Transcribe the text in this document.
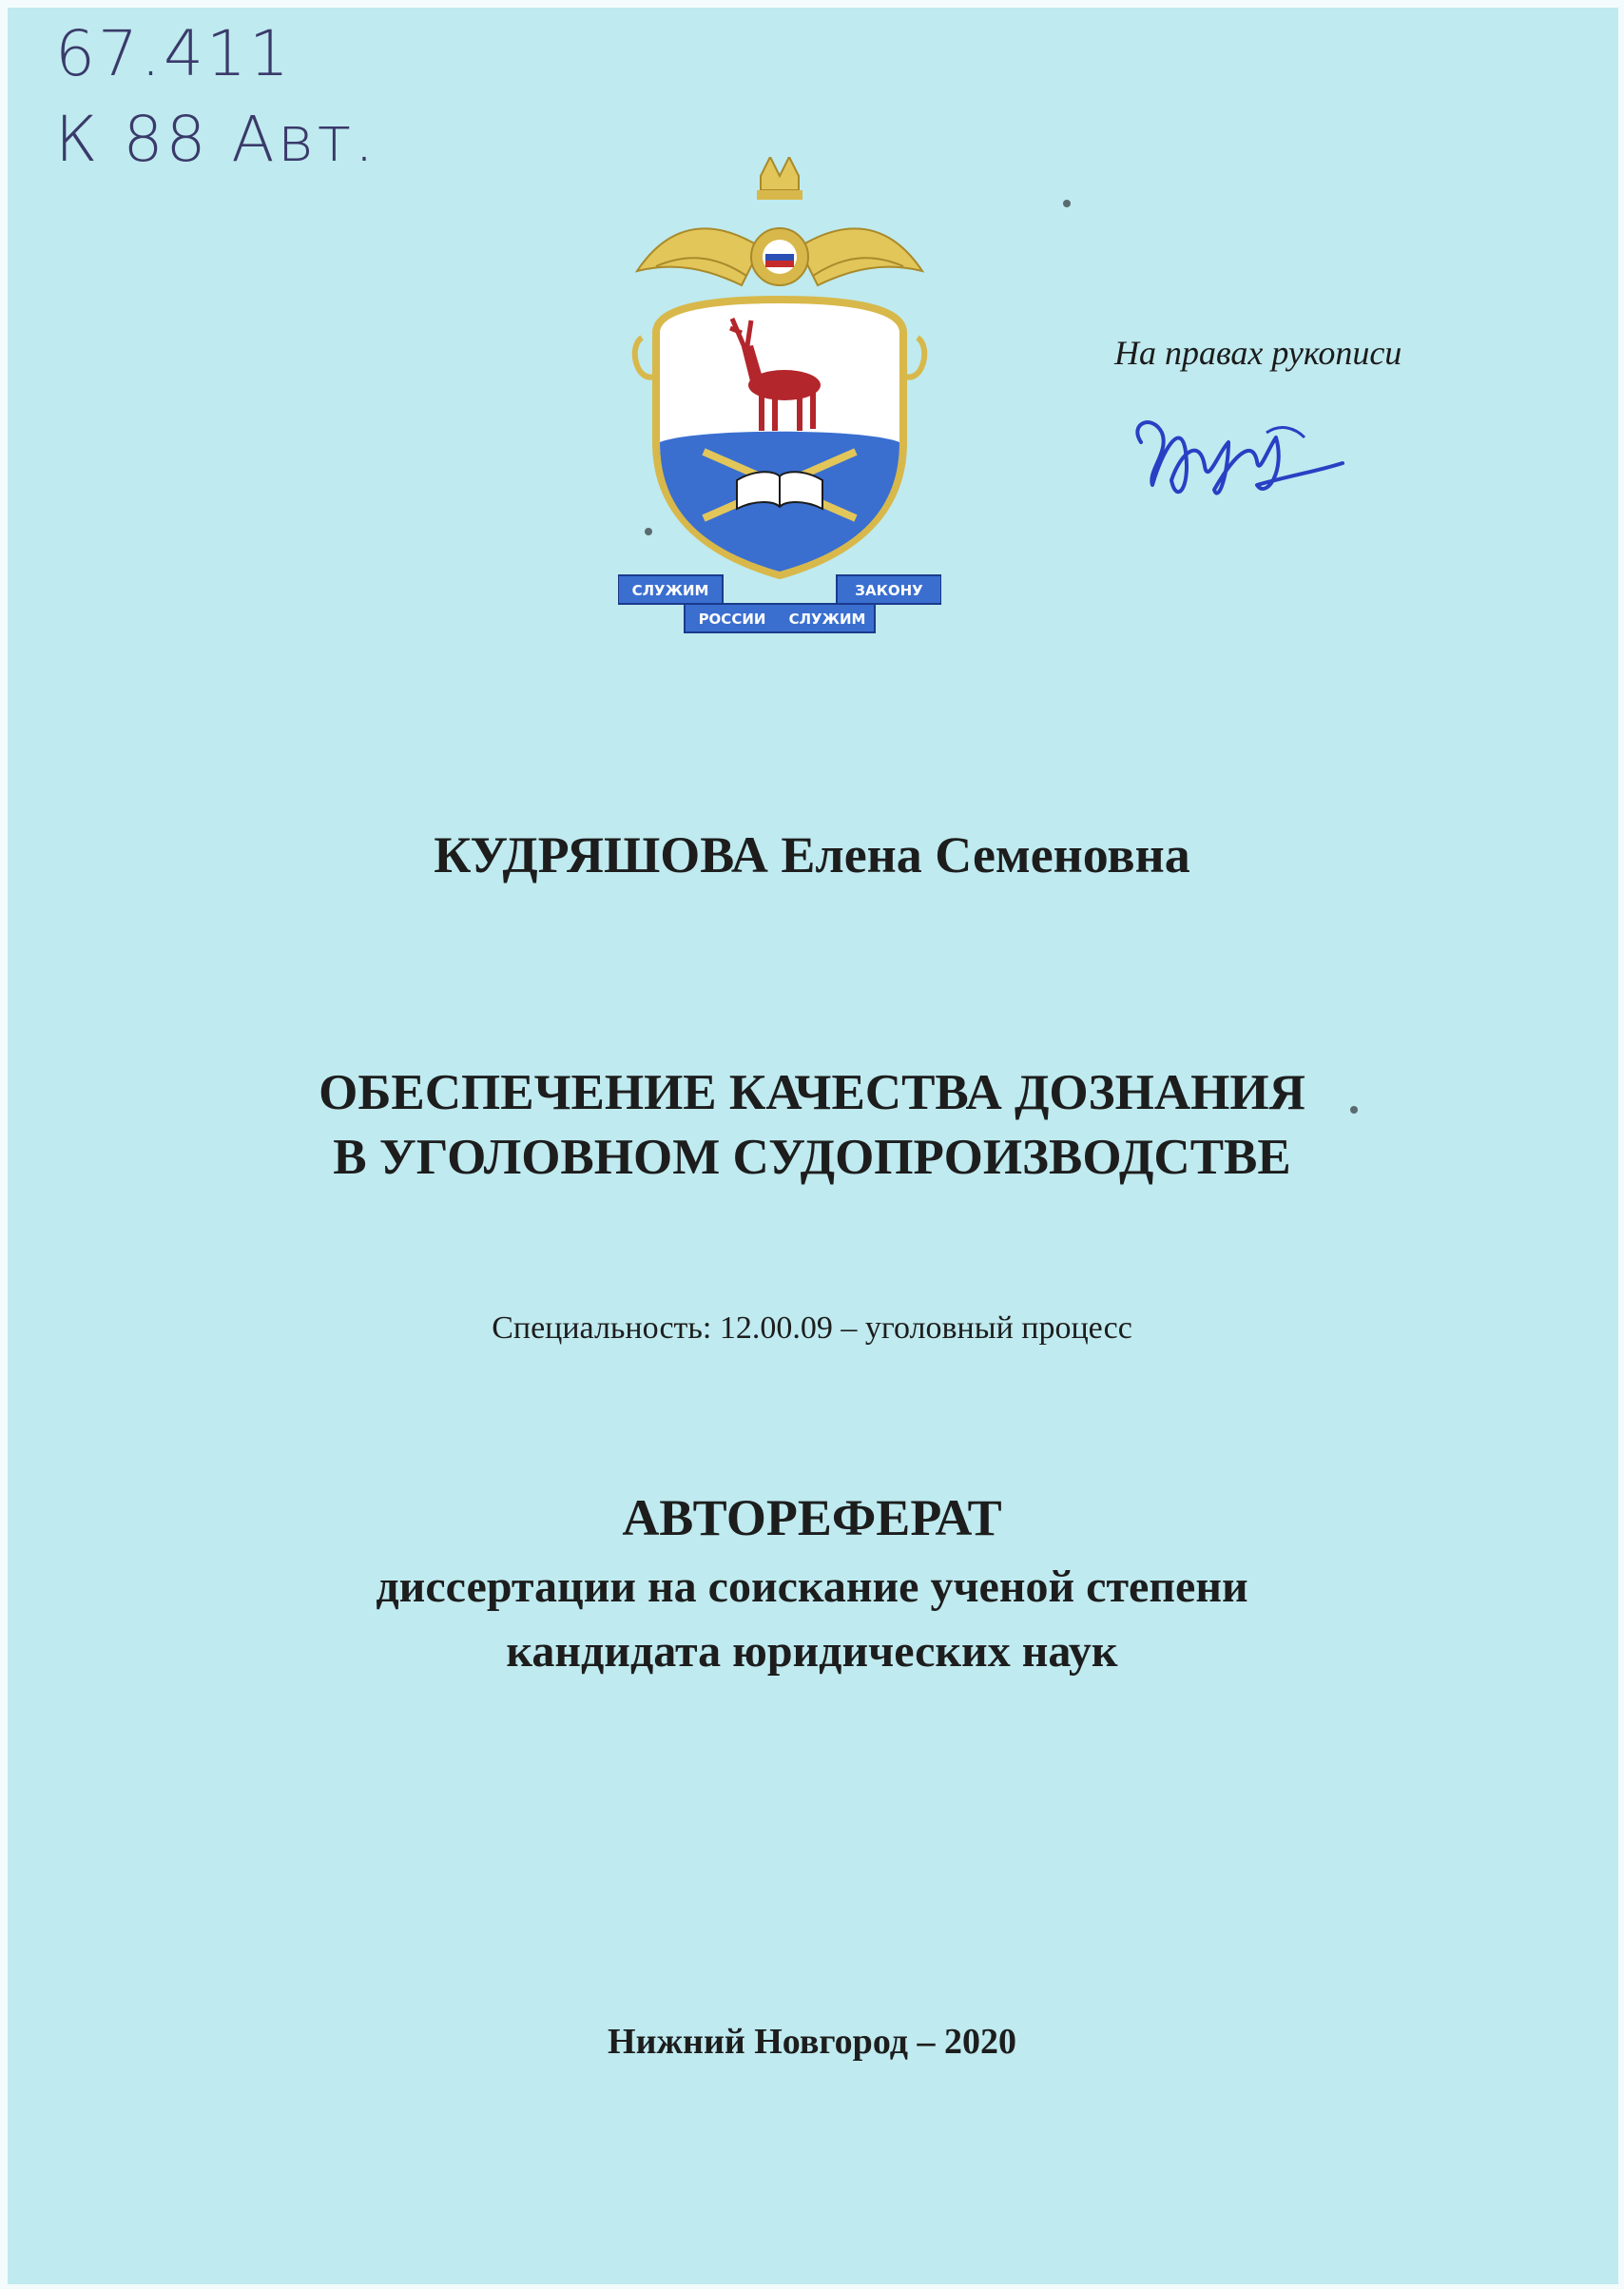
67.411
К 88 Авт.
СЛУЖИМ	ЗАКОНУ
РОССИИ СЛУЖИМ
На правах рукописи
КУДРЯШОВА Елена Семеновна
ОБЕСПЕЧЕНИЕ КАЧЕСТВА ДОЗНАНИЯ
В УГОЛОВНОМ СУДОПРОИЗВОДСТВЕ
Специальность: 12.00.09 – уголовный процесс
АВТОРЕФЕРАТ
диссертации на соискание ученой степени
кандидата юридических наук
Нижний Новгород – 2020
